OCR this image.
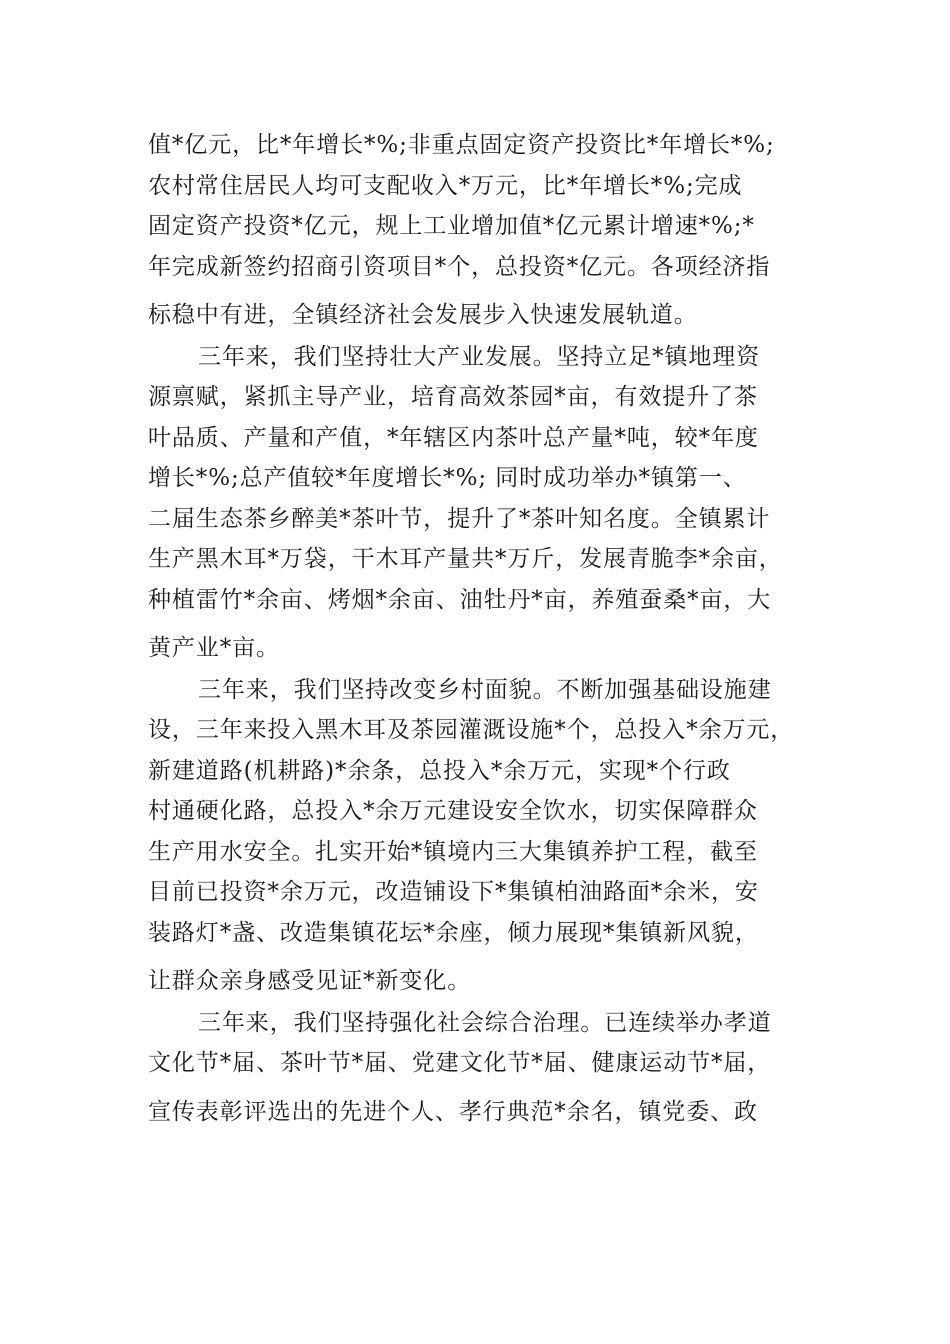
值*亿元，比*年增长*%;非重点固定资产投资比*年增长*%;
农村常住居民人均可支配收入*万元，比*年增长*%;完成
固定资产投资*亿元，规上工业增加值*亿元累计增速*%;*
年完成新签约招商引资项目*个，总投资*亿元。各项经济指
标稳中有进，全镇经济社会发展步入快速发展轨道。

三年来，我们坚持壮大产业发展。坚持立足*镇地理资
源禀赋，紧抓主导产业，培育高效茶园*亩，有效提升了茶
叶品质、产量和产值，*年辖区内茶叶总产量*吨，较*年度
增长*%;总产值较*年度增长*%; 同时成功举办*镇第一、
二届生态茶乡醉美*茶叶节，提升了*茶叶知名度。全镇累计
生产黑木耳*万袋，干木耳产量共*万斤，发展青脆李*余亩，
种植雷竹*余亩、烤烟*余亩、油牡丹*亩，养殖蚕桑*亩，大
黄产业*亩。

三年来，我们坚持改变乡村面貌。不断加强基础设施建
设，三年来投入黑木耳及茶园灌溉设施*个，总投入*余万元，
新建道路(机耕路)*余条，总投入*余万元，实现*个行政
村通硬化路，总投入*余万元建设安全饮水，切实保障群众
生产用水安全。扎实开始*镇境内三大集镇养护工程，截至
目前已投资*余万元，改造铺设下*集镇柏油路面*余米，安
装路灯*盏、改造集镇花坛*余座，倾力展现*集镇新风貌，
让群众亲身感受见证*新变化。

三年来，我们坚持强化社会综合治理。已连续举办孝道
文化节*届、茶叶节*届、党建文化节*届、健康运动节*届，
宣传表彰评选出的先进个人、孝行典范*余名，镇党委、政
